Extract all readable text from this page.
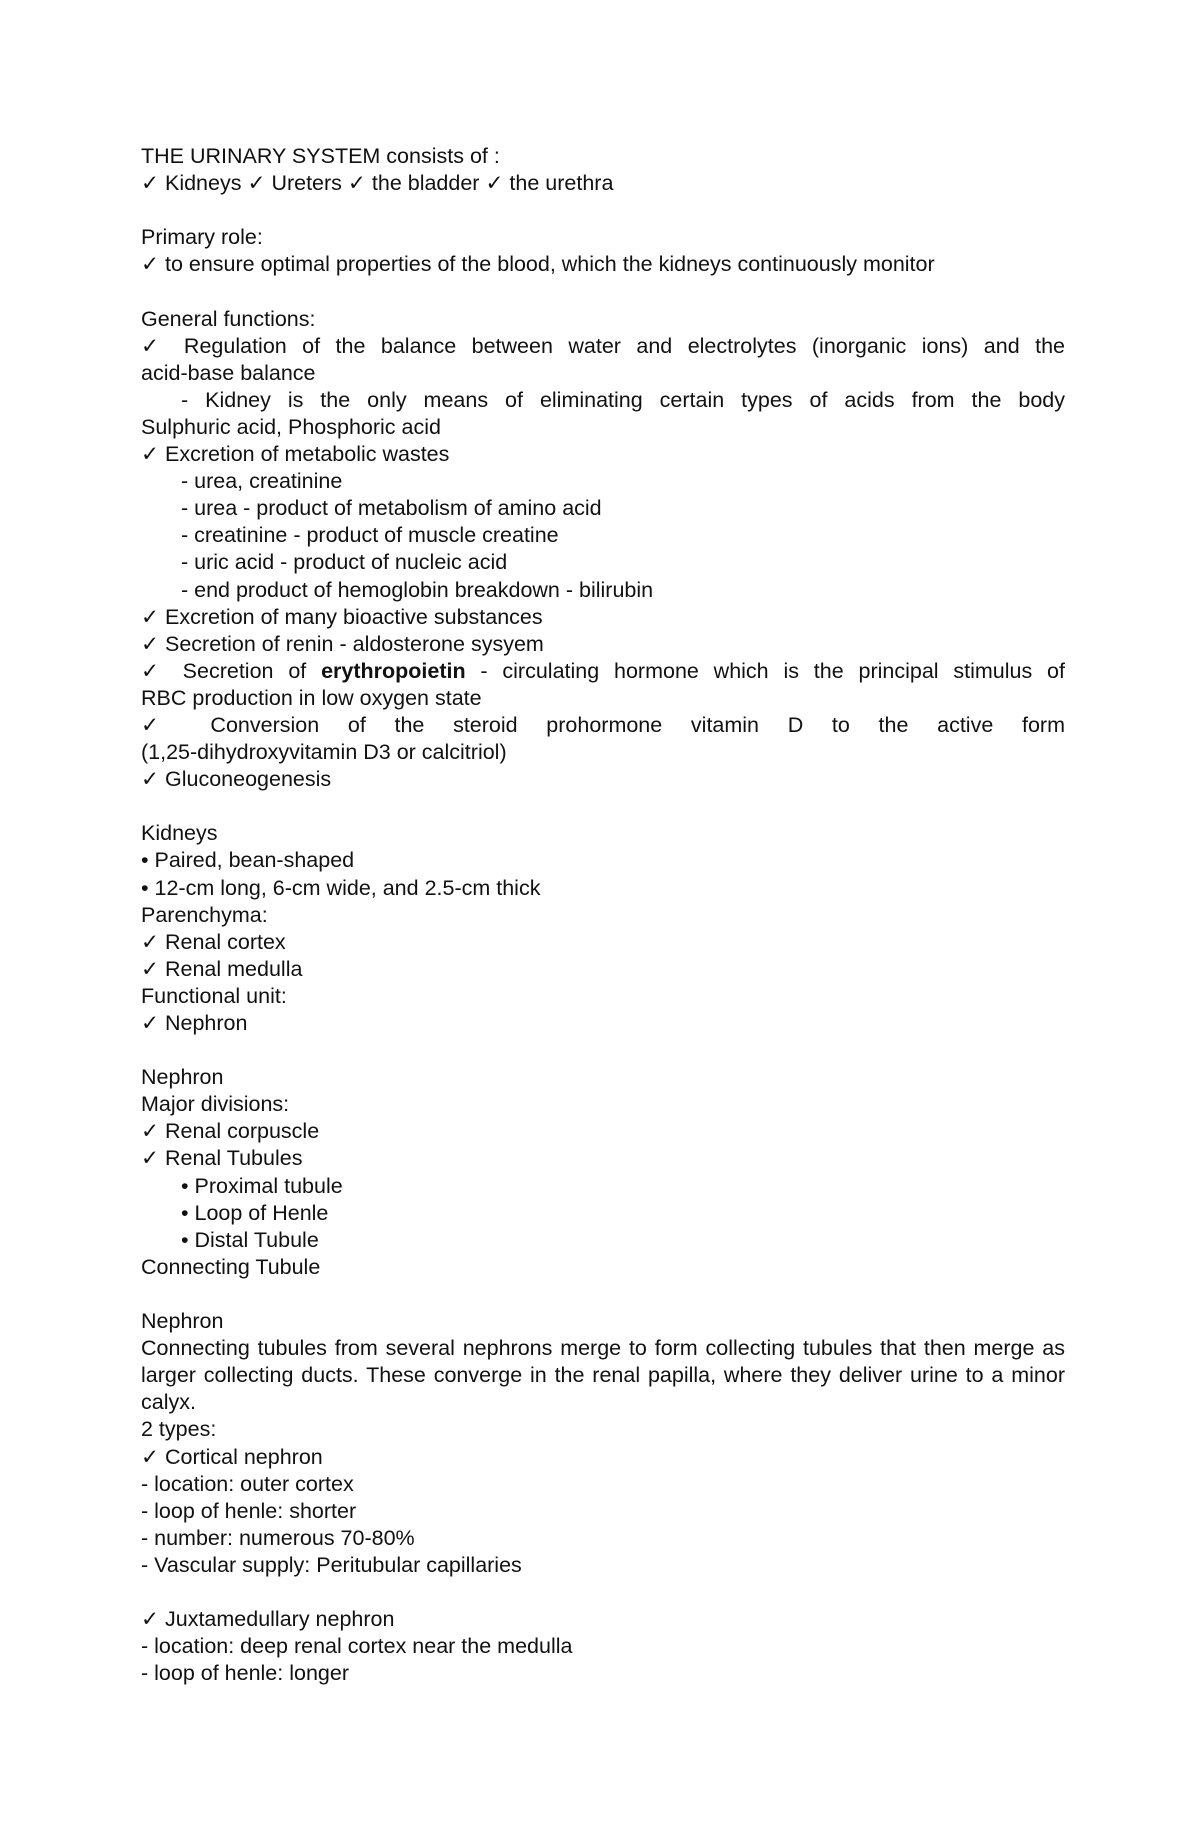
THE URINARY SYSTEM consists of :
✓ Kidneys ✓ Ureters ✓ the bladder ✓ the urethra
Primary role:
✓ to ensure optimal properties of the blood, which the kidneys continuously monitor
General functions:
✓ Regulation of the balance between water and electrolytes (inorganic ions) and the
acid-base balance
- Kidney is the only means of eliminating certain types of acids from the body
Sulphuric acid, Phosphoric acid
✓ Excretion of metabolic wastes
- urea, creatinine
- urea - product of metabolism of amino acid
- creatinine - product of muscle creatine
- uric acid - product of nucleic acid
- end product of hemoglobin breakdown - bilirubin
✓ Excretion of many bioactive substances
✓ Secretion of renin - aldosterone sysyem
✓ Secretion of erythropoietin - circulating hormone which is the principal stimulus of
RBC production in low oxygen state
✓ Conversion of the steroid prohormone vitamin D to the active form
(1,25-dihydroxyvitamin D3 or calcitriol)
✓ Gluconeogenesis
Kidneys
• Paired, bean-shaped
• 12-cm long, 6-cm wide, and 2.5-cm thick
Parenchyma:
✓ Renal cortex
✓ Renal medulla
Functional unit:
✓ Nephron
Nephron
Major divisions:
✓ Renal corpuscle
✓ Renal Tubules
• Proximal tubule
• Loop of Henle
• Distal Tubule
Connecting Tubule
Nephron
Connecting tubules from several nephrons merge to form collecting tubules that then merge as larger collecting ducts. These converge in the renal papilla, where they deliver urine to a minor calyx.
2 types:
✓ Cortical nephron
- location: outer cortex
- loop of henle: shorter
- number: numerous 70-80%
- Vascular supply: Peritubular capillaries
✓ Juxtamedullary nephron
- location: deep renal cortex near the medulla
- loop of henle: longer
